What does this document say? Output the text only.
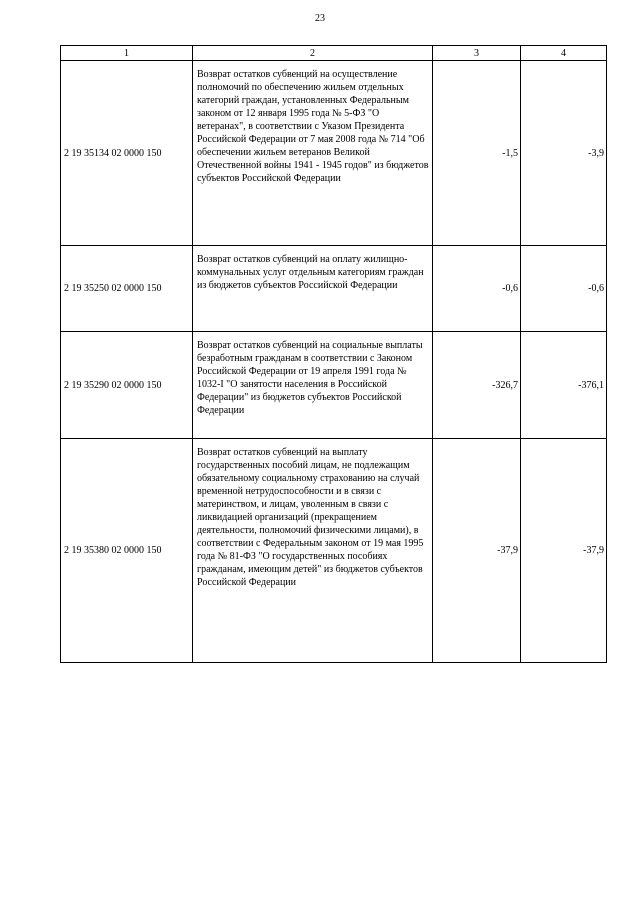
23
1	2	3	4
2 19 35134 02 0000 150	Возврат остатков субвенций на осуществление полномочий по обеспечению жильем отдельных категорий граждан, установленных Федеральным законом от 12 января 1995 года № 5-ФЗ "О ветеранах", в соответствии с Указом Президента Российской Федерации от 7 мая 2008 года № 714 "Об обеспечении жильем ветеранов Великой Отечественной войны 1941 - 1945 годов" из бюджетов субъектов Российской Федерации	-1,5	-3,9
2 19 35250 02 0000 150	Возврат остатков субвенций на оплату жилищно-коммунальных услуг отдельным категориям граждан из бюджетов субъектов Российской Федерации	-0,6	-0,6
2 19 35290 02 0000 150	Возврат остатков субвенций на социальные выплаты безработным гражданам в соответствии с Законом Российской Федерации от 19 апреля 1991 года № 1032-I "О занятости населения в Российской Федерации" из бюджетов субъектов Российской Федерации	-326,7	-376,1
2 19 35380 02 0000 150	Возврат остатков субвенций на выплату государственных пособий лицам, не подлежащим обязательному социальному страхованию на случай временной нетрудоспособности и в связи с материнством, и лицам, уволенным в связи с ликвидацией организаций (прекращением деятельности, полномочий физическими лицами), в соответствии с Федеральным законом от 19 мая 1995 года № 81-ФЗ "О государственных пособиях гражданам, имеющим детей" из бюджетов субъектов Российской Федерации	-37,9	-37,9
